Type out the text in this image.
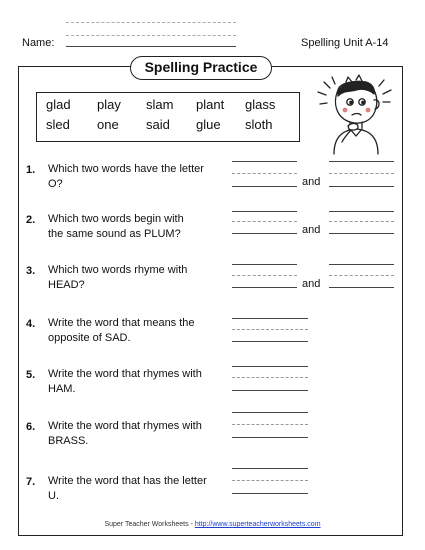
Name:	Spelling Unit A-14
Spelling Practice
glad play slam plant glass
sled one said glue sloth
1. Which two words have the letter
O?	and
2. Which two words begin with
the same sound as PLUM?	and
3. Which two words rhyme with
HEAD?	and
4. Write the word that means the
opposite of SAD.
5. Write the word that rhymes with
HAM.
6. Write the word that rhymes with
BRASS.
7. Write the word that has the letter
U.
Super Teacher Worksheets - http://www.superteacherworksheets.com
